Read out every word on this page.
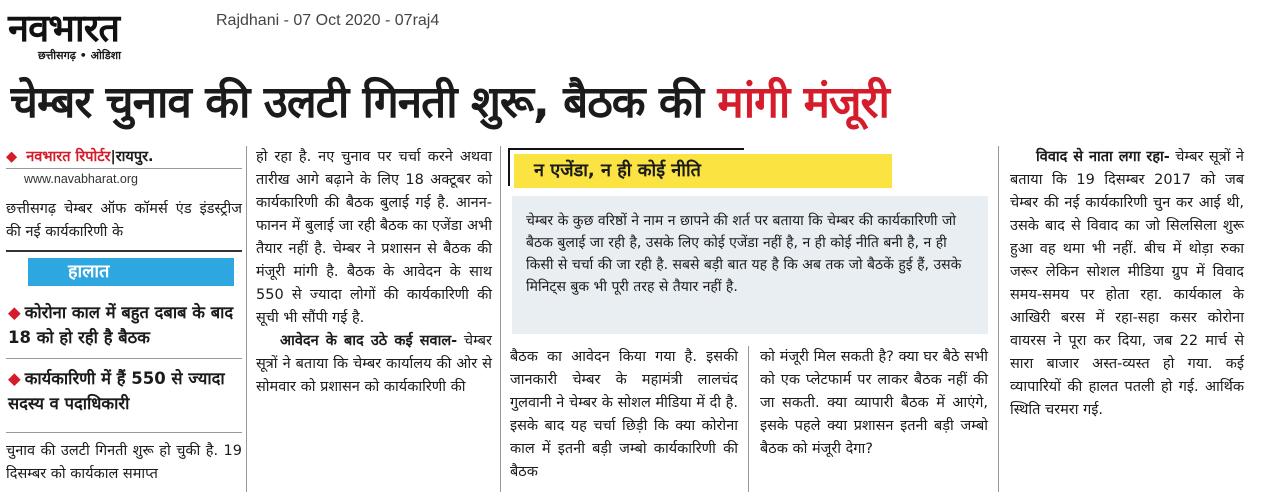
नवभारत
छत्तीसगढ़ • ओडिशा
Rajdhani - 07 Oct 2020 - 07raj4
चेम्बर चुनाव की उलटी गिनती शुरू, बैठक की मांगी मंजूरी
◆ नवभारत रिपोर्टर|रायपुर.
www.navabharat.org

छत्तीसगढ़ चेम्बर ऑफ कॉमर्स एंड इंडस्ट्रीज की नई कार्यकारिणी के

हालात
◆ कोरोना काल में बहुत दबाब के बाद 18 को हो रही है बैठक
◆ कार्यकारिणी में हैं 550 से ज्यादा सदस्य व पदाधिकारी

चुनाव की उलटी गिनती शुरू हो चुकी है. 19 दिसम्बर को कार्यकाल समाप्त

हो रहा है. नए चुनाव पर चर्चा करने अथवा तारीख आगे बढ़ाने के लिए 18 अक्टूबर को कार्यकारिणी की बैठक बुलाई गई है. आनन-फानन में बुलाई जा रही बैठक का एजेंडा अभी तैयार नहीं है. चेम्बर ने प्रशासन से बैठक की मंजूरी मांगी है. बैठक के आवेदन के साथ 550 से ज्यादा लोगों की कार्यकारिणी की सूची भी सौंपी गई है.

आवेदन के बाद उठे कई सवाल- चेम्बर सूत्रों ने बताया कि चेम्बर कार्यालय की ओर से सोमवार को प्रशासन को कार्यकारिणी की

न एजेंडा, न ही कोई नीति

चेम्बर के कुछ वरिष्ठों ने नाम न छापने की शर्त पर बताया कि चेम्बर की कार्यकारिणी जो बैठक बुलाई जा रही है, उसके लिए कोई एजेंडा नहीं है, न ही कोई नीति बनी है, न ही किसी से चर्चा की जा रही है. सबसे बड़ी बात यह है कि अब तक जो बैठकें हुई हैं, उसके मिनिट्स बुक भी पूरी तरह से तैयार नहीं है.

बैठक का आवेदन किया गया है. इसकी जानकारी चेम्बर के महामंत्री लालचंद गुलवानी ने चेम्बर के सोशल मीडिया में दी है. इसके बाद यह चर्चा छिड़ी कि क्या कोरोना काल में इतनी बड़ी जम्बो कार्यकारिणी की बैठक

को मंजूरी मिल सकती है? क्या घर बैठे सभी को एक प्लेटफार्म पर लाकर बैठक नहीं की जा सकती. क्या व्यापारी बैठक में आएंगे, इसके पहले क्या प्रशासन इतनी बड़ी जम्बो बैठक को मंजूरी देगा?

विवाद से नाता लगा रहा- चेम्बर सूत्रों ने बताया कि 19 दिसम्बर 2017 को जब चेम्बर की नई कार्यकारिणी चुन कर आई थी, उसके बाद से विवाद का जो सिलसिला शुरू हुआ वह थमा भी नहीं. बीच में थोड़ा रुका जरूर लेकिन सोशल मीडिया ग्रुप में विवाद समय-समय पर होता रहा. कार्यकाल के आखिरी बरस में रहा-सहा कसर कोरोना वायरस ने पूरा कर दिया, जब 22 मार्च से सारा बाजार अस्त-व्यस्त हो गया. कई व्यापारियों की हालत पतली हो गई. आर्थिक स्थिति चरमरा गई.
